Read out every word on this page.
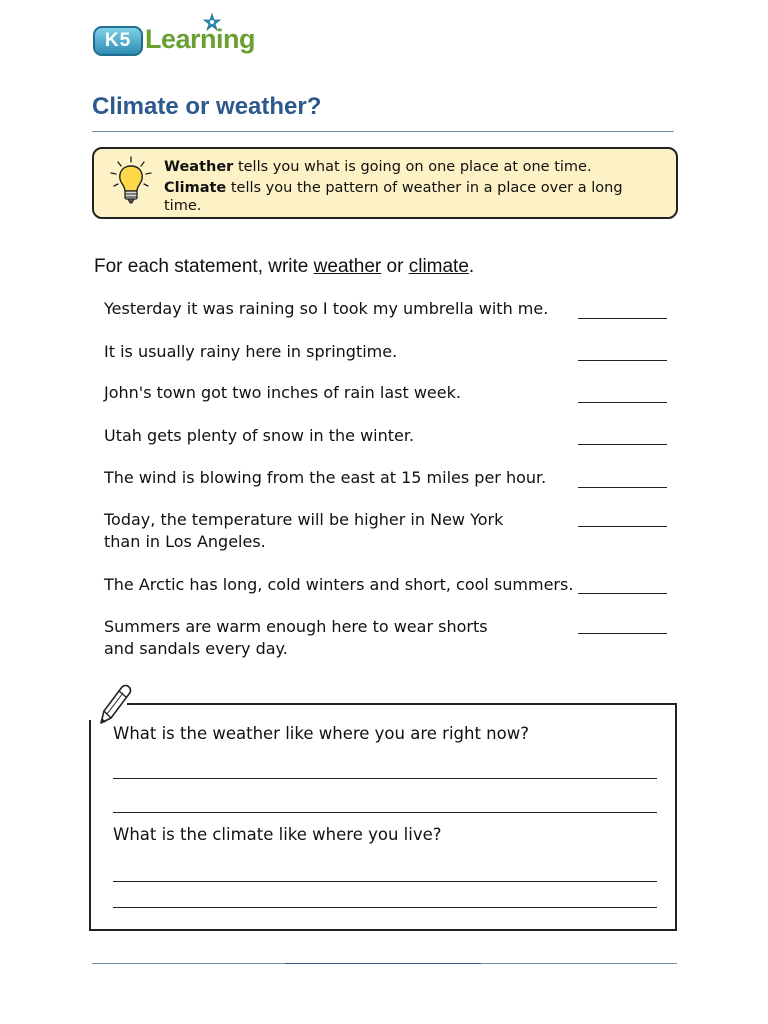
K5 Learning
Climate or weather?
Weather tells you what is going on one place at one time.
Climate tells you the pattern of weather in a place over a long
time.
For each statement, write weather or climate.
Yesterday it was raining so I took my umbrella with me.
It is usually rainy here in springtime.
John's town got two inches of rain last week.
Utah gets plenty of snow in the winter.
The wind is blowing from the east at 15 miles per hour.
Today, the temperature will be higher in New York
than in Los Angeles.
The Arctic has long, cold winters and short, cool summers.
Summers are warm enough here to wear shorts
and sandals every day.
What is the weather like where you are right now?
What is the climate like where you live?
